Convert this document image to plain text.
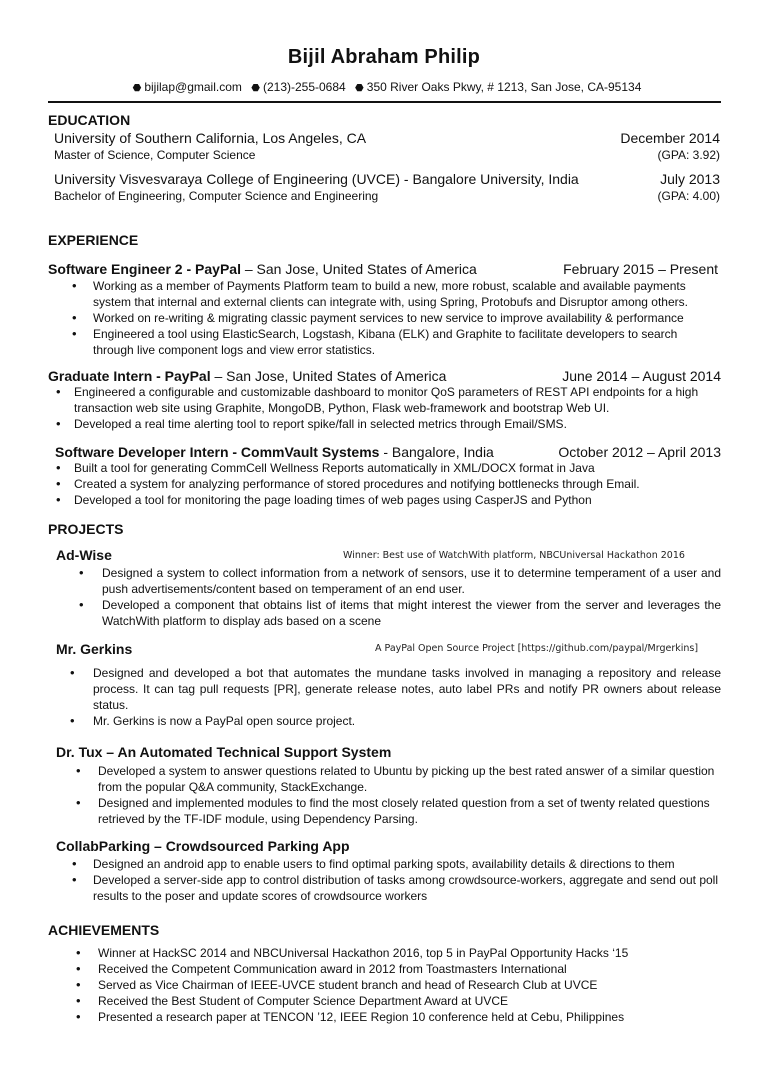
Bijil Abraham Philip
⬣ bijilap@gmail.com ⬣ (213)-255-0684 ⬣ 350 River Oaks Pkwy, # 1213, San Jose, CA-95134
EDUCATION
University of Southern California, Los Angeles, CA	December 2014
Master of Science, Computer Science	(GPA: 3.92)
University Visvesvaraya College of Engineering (UVCE) - Bangalore University, India	July 2013
Bachelor of Engineering, Computer Science and Engineering	(GPA: 4.00)
EXPERIENCE
Software Engineer 2 - PayPal – San Jose, United States of America	February 2015 – Present
• Working as a member of Payments Platform team to build a new, more robust, scalable and available payments system that internal and external clients can integrate with, using Spring, Protobufs and Disruptor among others.
• Worked on re-writing & migrating classic payment services to new service to improve availability & performance
• Engineered a tool using ElasticSearch, Logstash, Kibana (ELK) and Graphite to facilitate developers to search through live component logs and view error statistics.
Graduate Intern - PayPal – San Jose, United States of America	June 2014 – August 2014
• Engineered a configurable and customizable dashboard to monitor QoS parameters of REST API endpoints for a high transaction web site using Graphite, MongoDB, Python, Flask web-framework and bootstrap Web UI.
• Developed a real time alerting tool to report spike/fall in selected metrics through Email/SMS.
Software Developer Intern - CommVault Systems - Bangalore, India	October 2012 – April 2013
• Built a tool for generating CommCell Wellness Reports automatically in XML/DOCX format in Java
• Created a system for analyzing performance of stored procedures and notifying bottlenecks through Email.
• Developed a tool for monitoring the page loading times of web pages using CasperJS and Python
PROJECTS
Ad-Wise	Winner: Best use of WatchWith platform, NBCUniversal Hackathon 2016
• Designed a system to collect information from a network of sensors, use it to determine temperament of a user and push advertisements/content based on temperament of an end user.
• Developed a component that obtains list of items that might interest the viewer from the server and leverages the WatchWith platform to display ads based on a scene
Mr. Gerkins	A PayPal Open Source Project [https://github.com/paypal/Mrgerkins]
• Designed and developed a bot that automates the mundane tasks involved in managing a repository and release process. It can tag pull requests [PR], generate release notes, auto label PRs and notify PR owners about release status.
• Mr. Gerkins is now a PayPal open source project.
Dr. Tux – An Automated Technical Support System
• Developed a system to answer questions related to Ubuntu by picking up the best rated answer of a similar question from the popular Q&A community, StackExchange.
• Designed and implemented modules to find the most closely related question from a set of twenty related questions retrieved by the TF-IDF module, using Dependency Parsing.
CollabParking – Crowdsourced Parking App
• Designed an android app to enable users to find optimal parking spots, availability details & directions to them
• Developed a server-side app to control distribution of tasks among crowdsource-workers, aggregate and send out poll results to the poser and update scores of crowdsource workers
ACHIEVEMENTS
• Winner at HackSC 2014 and NBCUniversal Hackathon 2016, top 5 in PayPal Opportunity Hacks ‘15
• Received the Competent Communication award in 2012 from Toastmasters International
• Served as Vice Chairman of IEEE-UVCE student branch and head of Research Club at UVCE
• Received the Best Student of Computer Science Department Award at UVCE
• Presented a research paper at TENCON ’12, IEEE Region 10 conference held at Cebu, Philippines
